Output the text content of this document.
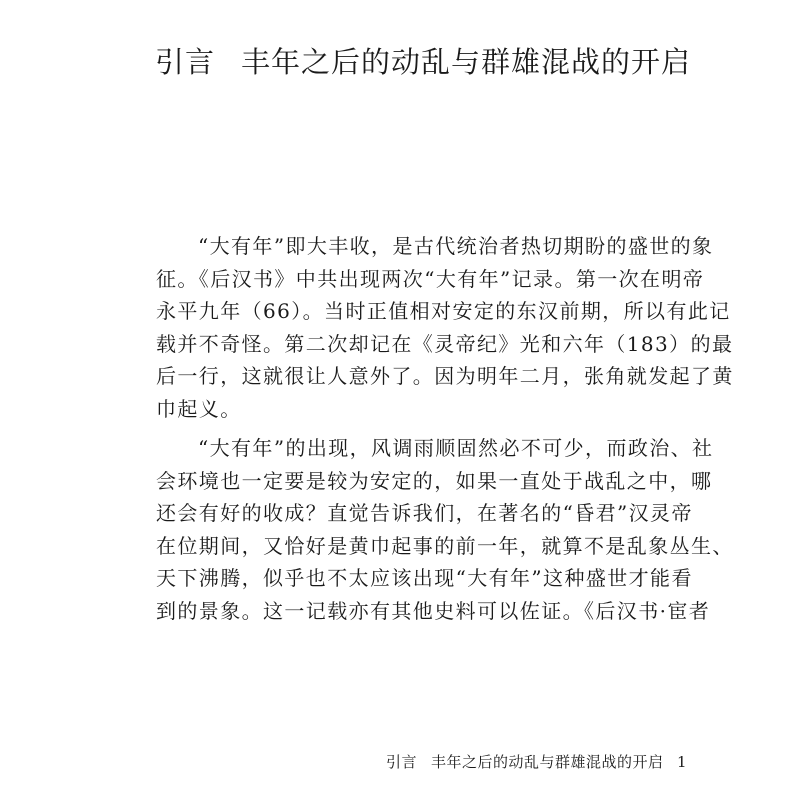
引言 丰年之后的动乱与群雄混战的开启
“大有年”即大丰收，是古代统治者热切期盼的盛世的象
征。《后汉书》中共出现两次“大有年”记录。第一次在明帝
永平九年（66）。当时正值相对安定的东汉前期，所以有此记
载并不奇怪。第二次却记在《灵帝纪》光和六年（183）的最
后一行，这就很让人意外了。因为明年二月，张角就发起了黄
巾起义。
“大有年”的出现，风调雨顺固然必不可少，而政治、社
会环境也一定要是较为安定的，如果一直处于战乱之中，哪
还会有好的收成？直觉告诉我们，在著名的“昏君”汉灵帝
在位期间，又恰好是黄巾起事的前一年，就算不是乱象丛生、
天下沸腾，似乎也不太应该出现“大有年”这种盛世才能看
到的景象。这一记载亦有其他史料可以佐证。《后汉书·宦者
引言 丰年之后的动乱与群雄混战的开启 1
